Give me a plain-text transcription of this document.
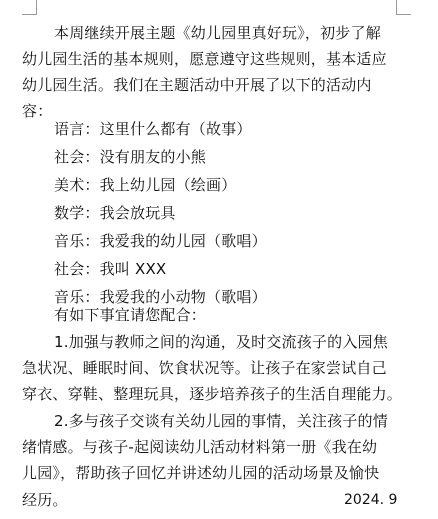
本周继续开展主题《幼儿园里真好玩》，初步了解
幼儿园生活的基本规则，愿意遵守这些规则，基本适应
幼儿园生活。我们在主题活动中开展了以下的活动内
容：
语言：这里什么都有（故事）
社会：没有朋友的小熊
美术：我上幼儿园（绘画）
数学：我会放玩具
音乐：我爱我的幼儿园（歌唱）
社会：我叫 XXX
音乐：我爱我的小动物（歌唱）
有如下事宜请您配合：
1.加强与教师之间的沟通，及时交流孩子的入园焦
急状况、睡眠时间、饮食状况等。让孩子在家尝试自己
穿衣、穿鞋、整理玩具，逐步培养孩子的生活自理能力。
2.多与孩子交谈有关幼儿园的事情，关注孩子的情
绪情感。与孩子-起阅读幼儿活动材料第一册《我在幼
儿园》，帮助孩子回忆并讲述幼儿园的活动场景及愉快
经历。	2024. 9
